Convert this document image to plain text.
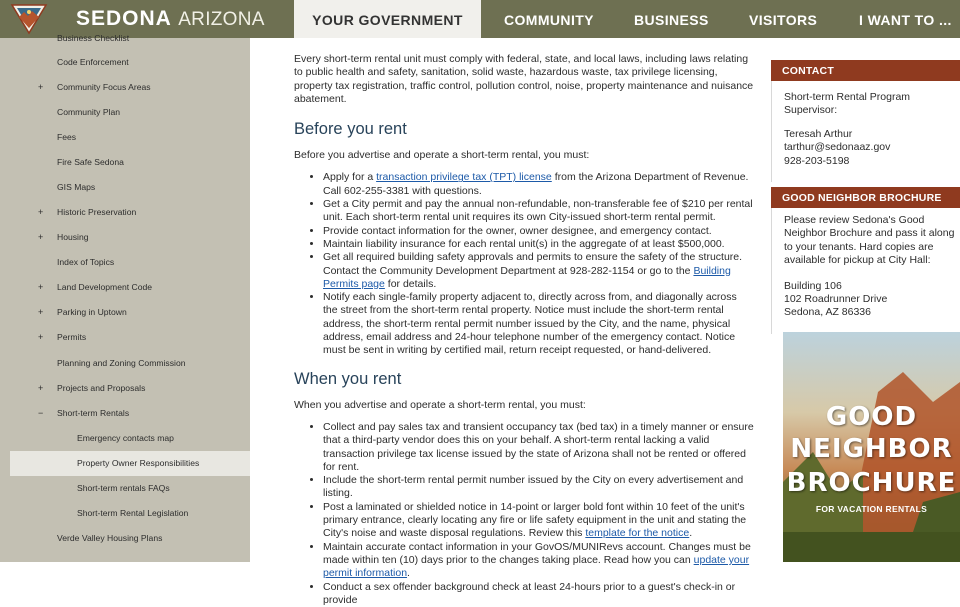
SEDONA ARIZONA	YOUR GOVERNMENT	COMMUNITY	BUSINESS	VISITORS	I WANT TO ...
Business Checklist
Code Enforcement
+ Community Focus Areas
Community Plan
Fees
Fire Safe Sedona
GIS Maps
+ Historic Preservation
+ Housing
Index of Topics
+ Land Development Code
+ Parking in Uptown
+ Permits
Planning and Zoning Commission
+ Projects and Proposals
− Short-term Rentals
Emergency contacts map
Property Owner Responsibilities
Short-term rentals FAQs
Short-term Rental Legislation
Verde Valley Housing Plans

Every short-term rental unit must comply with federal, state, and local laws, including laws relating to public health and safety, sanitation, solid waste, hazardous waste, tax privilege licensing, property tax registration, traffic control, pollution control, noise, property maintenance and nuisance abatement.

Before you rent

Before you advertise and operate a short-term rental, you must:

• Apply for a transaction privilege tax (TPT) license from the Arizona Department of Revenue. Call 602-255-3381 with questions.
• Get a City permit and pay the annual non-refundable, non-transferable fee of $210 per rental unit. Each short-term rental unit requires its own City-issued short-term rental permit.
• Provide contact information for the owner, owner designee, and emergency contact.
• Maintain liability insurance for each rental unit(s) in the aggregate of at least $500,000.
• Get all required building safety approvals and permits to ensure the safety of the structure. Contact the Community Development Department at 928-282-1154 or go to the Building Permits page for details.
• Notify each single-family property adjacent to, directly across from, and diagonally across the street from the short-term rental property. Notice must include the short-term rental address, the short-term rental permit number issued by the City, and the name, physical address, email address and 24-hour telephone number of the emergency contact. Notice must be sent in writing by certified mail, return receipt requested, or hand-delivered.
When you rent

When you advertise and operate a short-term rental, you must:

• Collect and pay sales tax and transient occupancy tax (bed tax) in a timely manner or ensure that a third-party vendor does this on your behalf. A short-term rental lacking a valid transaction privilege tax license issued by the state of Arizona shall not be rented or offered for rent.
• Include the short-term rental permit number issued by the City on every advertisement and listing.
• Post a laminated or shielded notice in 14-point or larger bold font within 10 feet of the unit's primary entrance, clearly locating any fire or life safety equipment in the unit and stating the City's noise and waste disposal regulations. Review this template for the notice.
• Maintain accurate contact information in your GovOS/MUNIRevs account. Changes must be made within ten (10) days prior to the changes taking place. Read how you can update your permit information.
• Conduct a sex offender background check at least 24-hours prior to a guest's check-in or provide
CONTACT
Short-term Rental Program Supervisor:
Teresah Arthur
tarthur@sedonaaz.gov
928-203-5198
GOOD NEIGHBOR BROCHURE
Please review Sedona's Good Neighbor Brochure and pass it along to your tenants. Hard copies are available for pickup at City Hall:
Building 106
102 Roadrunner Drive
Sedona, AZ 86336
GOOD
NEIGHBOR
BROCHURE
FOR VACATION RENTALS
